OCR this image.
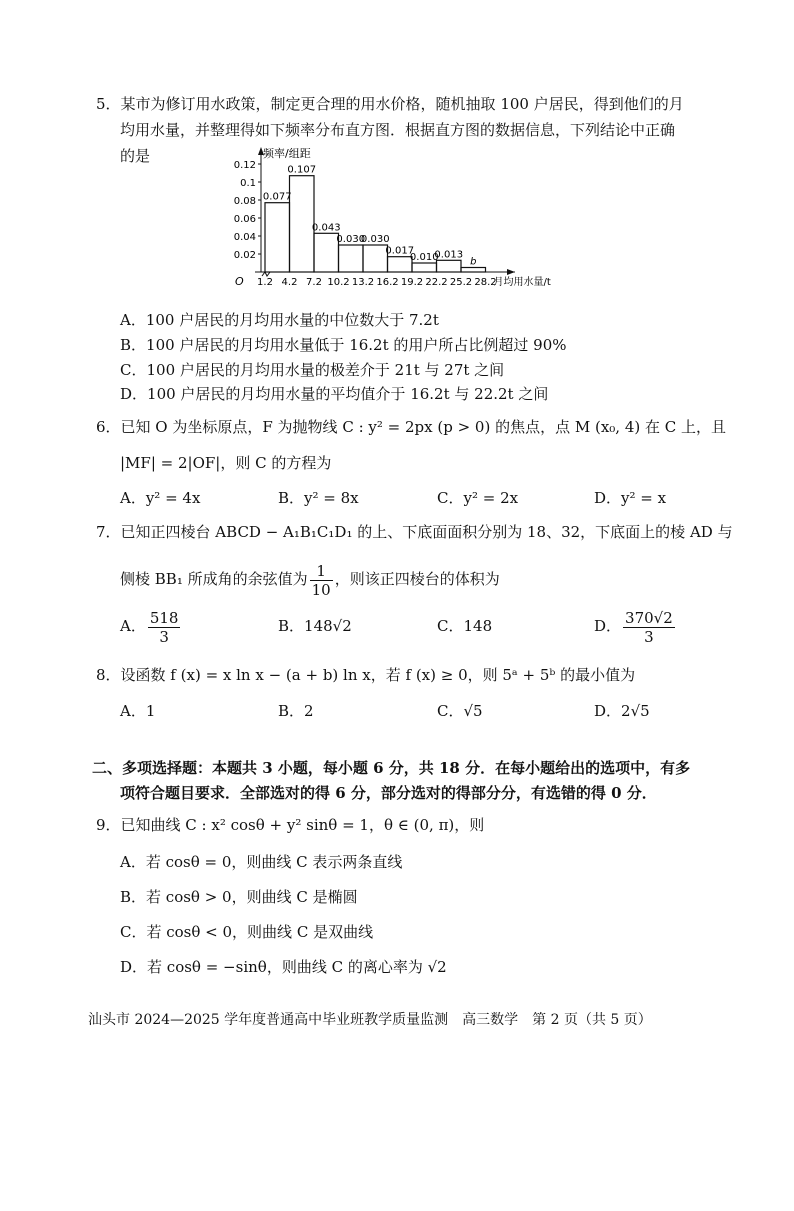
5．某市为修订用水政策，制定更合理的用水价格，随机抽取 100 户居民，得到他们的月
均用水量，并整理得如下频率分布直方图．根据直方图的数据信息，下列结论中正确
的是	频率/组距
O
0.02
0.04
0.06
0.08
0.1
0.12
0.077
0.107
0.043
0.030
0.030
0.017
0.010
0.013
b
1.2 4.2 7.2 10.2 13.2 16.2 19.2 22.2 25.2 28.2
月均用水量/t
A．100 户居民的月均用水量的中位数大于 7.2t
B．100 户居民的月均用水量低于 16.2t 的用户所占比例超过 90%
C．100 户居民的月均用水量的极差介于 21t 与 27t 之间
D．100 户居民的月均用水量的平均值介于 16.2t 与 22.2t 之间
6．已知 O 为坐标原点，F 为抛物线 C : y² = 2px (p > 0) 的焦点，点 M (x₀, 4) 在 C 上，且
|MF| = 2|OF|，则 C 的方程为
A．y² = 4x	B．y² = 8x	C．y² = 2x	D．y² = x
7．已知正四棱台 ABCD − A₁B₁C₁D₁ 的上、下底面面积分别为 18、32，下底面上的棱 AD 与
侧棱 BB₁ 所成角的余弦值为 $\frac{1}{10}$ ，则该正四棱台的体积为
A． $\frac{518}{3}$	B．148√2	C．148	D． $\frac{370√2}{3}$
8．设函数 f (x) = x ln x − (a + b) ln x，若 f (x) ≥ 0，则 5ᵃ + 5ᵇ 的最小值为
A．1	B．2	C．√5	D．2√5
二、多项选择题：本题共 3 小题，每小题 6 分，共 18 分．在每小题给出的选项中，有多
项符合题目要求．全部选对的得 6 分，部分选对的得部分分，有选错的得 0 分．
9．已知曲线 C : x² cosθ + y² sinθ = 1，θ ∈ (0, π)，则
A．若 cosθ = 0，则曲线 C 表示两条直线
B．若 cosθ > 0，则曲线 C 是椭圆
C．若 cosθ < 0，则曲线 C 是双曲线
D．若 cosθ = −sinθ，则曲线 C 的离心率为 √2
汕头市 2024—2025 学年度普通高中毕业班教学质量监测　高三数学　第 2 页（共 5 页）
